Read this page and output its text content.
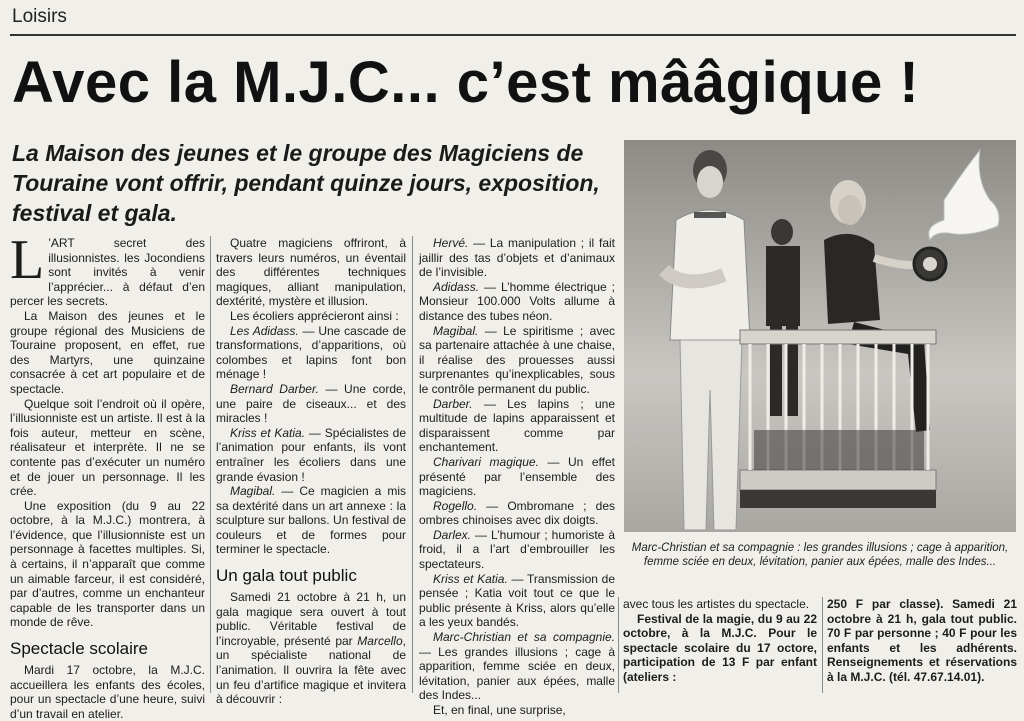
Loisirs
Avec la M.J.C... c’est mââgique !
La Maison des jeunes et le groupe des Magiciens de Touraine vont offrir, pendant quinze jours, exposition, festival et gala.

L ’ART secret des illusionnistes. les Jocondiens sont invités à venir l’apprécier... à défaut d’en percer les secrets.

La Maison des jeunes et le groupe régional des Musiciens de Touraine proposent, en effet, rue des Martyrs, une quinzaine consacrée à cet art populaire et de spectacle.

Quelque soit l’endroit où il opère, l’illusionniste est un artiste. Il est à la fois auteur, metteur en scène, réalisateur et interprète. Il ne se contente pas d’exécuter un numéro et de jouer un personnage. Il les crée.

Une exposition (du 9 au 22 octobre, à la M.J.C.) montrera, à l’évidence, que l’illusionniste est un personnage à facettes multiples. Si, à certains, il n’apparaît que comme un aimable farceur, il est considéré, par d’autres, comme un enchanteur capable de les transporter dans un monde de rêve.

Spectacle scolaire

Mardi 17 octobre, la M.J.C. accueillera les enfants des écoles, pour un spectacle d’une heure, suivi d’un travail en atelier.

Quatre magiciens offriront, à travers leurs numéros, un éventail des différentes techniques magiques, alliant manipulation, dextérité, mystère et illusion.

Les écoliers apprécieront ainsi :

Les Adidass. — Une cascade de transformations, d’apparitions, où colombes et lapins font bon ménage !

Bernard Darber. — Une corde, une paire de ciseaux... et des miracles !

Kriss et Katia. — Spécialistes de l’animation pour enfants, ils vont entraîner les écoliers dans une grande évasion !

Magibal. — Ce magicien a mis sa dextérité dans un art annexe : la sculpture sur ballons. Un festival de couleurs et de formes pour terminer le spectacle.

Un gala tout public

Samedi 21 octobre à 21 h, un gala magique sera ouvert à tout public. Véritable festival de l’incroyable, présenté par Marcello, un spécialiste national de l’animation. Il ouvrira la fête avec un feu d’artifice magique et invitera à découvrir :

Hervé. — La manipulation ; il fait jaillir des tas d’objets et d’animaux de l’invisible.

Adidass. — L’homme électrique ; Monsieur 100.000 Volts allume à distance des tubes néon.

Magibal. — Le spiritisme ; avec sa partenaire attachée à une chaise, il réalise des prouesses aussi surprenantes qu’inexplicables, sous le contrôle permanent du public.

Darber. — Les lapins ; une multitude de lapins apparaissent et disparaissent comme par enchantement.

Charivari magique. — Un effet présenté par l’ensemble des magiciens.

Rogello. — Ombromane ; des ombres chinoises avec dix doigts.

Darlex. — L’humour ; humoriste à froid, il a l’art d’embrouiller les spectateurs.

Kriss et Katia. — Transmission de pensée ; Katia voit tout ce que le public présente à Kriss, alors qu’elle a les yeux bandés.

Marc-Christian et sa compagnie. — Les grandes illusions ; cage à apparition, femme sciée en deux, lévitation, panier aux épées, malle des Indes...

Et, en final, une surprise,

Marc-Christian et sa compagnie : les grandes illusions ; cage à apparition, femme sciée en deux, lévitation, panier aux épées, malle des Indes...

avec tous les artistes du spectacle.

Festival de la magie, du 9 au 22 octobre, à la M.J.C. Pour le spectacle scolaire du 17 octore, participation de 13 F par enfant (ateliers :

250 F par classe). Samedi 21 octobre à 21 h, gala tout public. 70 F par personne ; 40 F pour les enfants et les adhérents. Renseignements et réservations à la M.J.C. (tél. 47.67.14.01).
